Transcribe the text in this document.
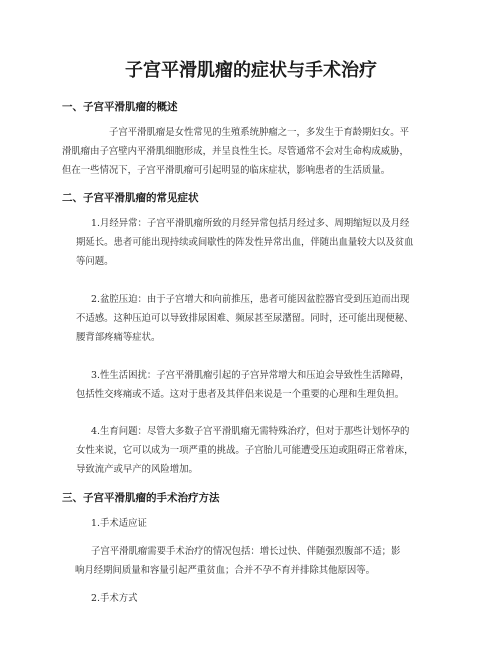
子宫平滑肌瘤的症状与手术治疗
一、子宫平滑肌瘤的概述

子宫平滑肌瘤是女性常见的生殖系统肿瘤之一，多发生于育龄期妇女。平

滑肌瘤由子宫壁内平滑肌细胞形成，并呈良性生长。尽管通常不会对生命构成威胁，

但在一些情况下，子宫平滑肌瘤可引起明显的临床症状，影响患者的生活质量。

二、子宫平滑肌瘤的常见症状

1.月经异常：子宫平滑肌瘤所致的月经异常包括月经过多、周期缩短以及月经

期延长。患者可能出现持续或间歇性的阵发性异常出血，伴随出血量较大以及贫血

等问题。

2.盆腔压迫：由于子宫增大和向前推压，患者可能因盆腔器官受到压迫而出现

不适感。这种压迫可以导致排尿困难、频尿甚至尿潴留。同时，还可能出现便秘、

腰背部疼痛等症状。

3.性生活困扰：子宫平滑肌瘤引起的子宫异常增大和压迫会导致性生活障碍，

包括性交疼痛或不适。这对于患者及其伴侣来说是一个重要的心理和生理负担。

4.生育问题：尽管大多数子宫平滑肌瘤无需特殊治疗，但对于那些计划怀孕的

女性来说，它可以成为一项严重的挑战。子宫胎儿可能遭受压迫或阻碍正常着床，

导致流产或早产的风险增加。

三、子宫平滑肌瘤的手术治疗方法

1.手术适应证

子宫平滑肌瘤需要手术治疗的情况包括：增长过快、伴随强烈腹部不适；影

响月经期间质量和容量引起严重贫血；合并不孕不育并排除其他原因等。

2.手术方式
